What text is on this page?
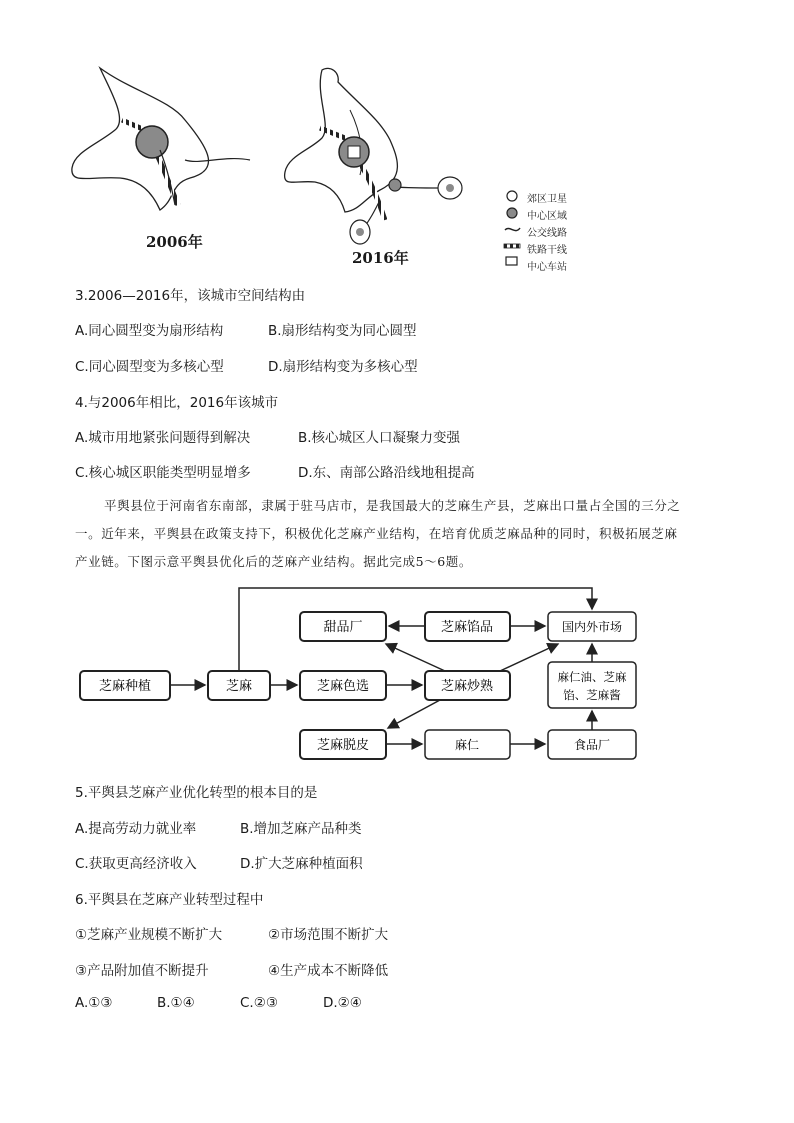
2006年
2016年
郊区卫星
中心区域
公交线路
铁路干线
中心车站
3.2006—2016年，该城市空间结构由
A.同心圆型变为扇形结构	B.扇形结构变为同心圆型
C.同心圆型变为多核心型	D.扇形结构变为多核心型
4.与2006年相比，2016年该城市
A.城市用地紧张问题得到解决	B.核心城区人口凝聚力变强
C.核心城区职能类型明显增多	D.东、南部公路沿线地租提高
平舆县位于河南省东南部，隶属于驻马店市，是我国最大的芝麻生产县，芝麻出口量占全国的三分之
一。近年来，平舆县在政策支持下，积极优化芝麻产业结构，在培育优质芝麻品种的同时，积极拓展芝麻
产业链。下图示意平舆县优化后的芝麻产业结构。据此完成5～6题。
芝麻种植	芝麻	芝麻色选	芝麻炒熟
甜品厂	芝麻馅品	国内外市场
麻仁油、芝麻
馅、芝麻酱
芝麻脱皮	麻仁	食品厂
5.平舆县芝麻产业优化转型的根本目的是
A.提高劳动力就业率	B.增加芝麻产品种类
C.获取更高经济收入	D.扩大芝麻种植面积
6.平舆县在芝麻产业转型过程中
①芝麻产业规模不断扩大	②市场范围不断扩大
③产品附加值不断提升	④生产成本不断降低
A.①③	B.①④	C.②③	D.②④
